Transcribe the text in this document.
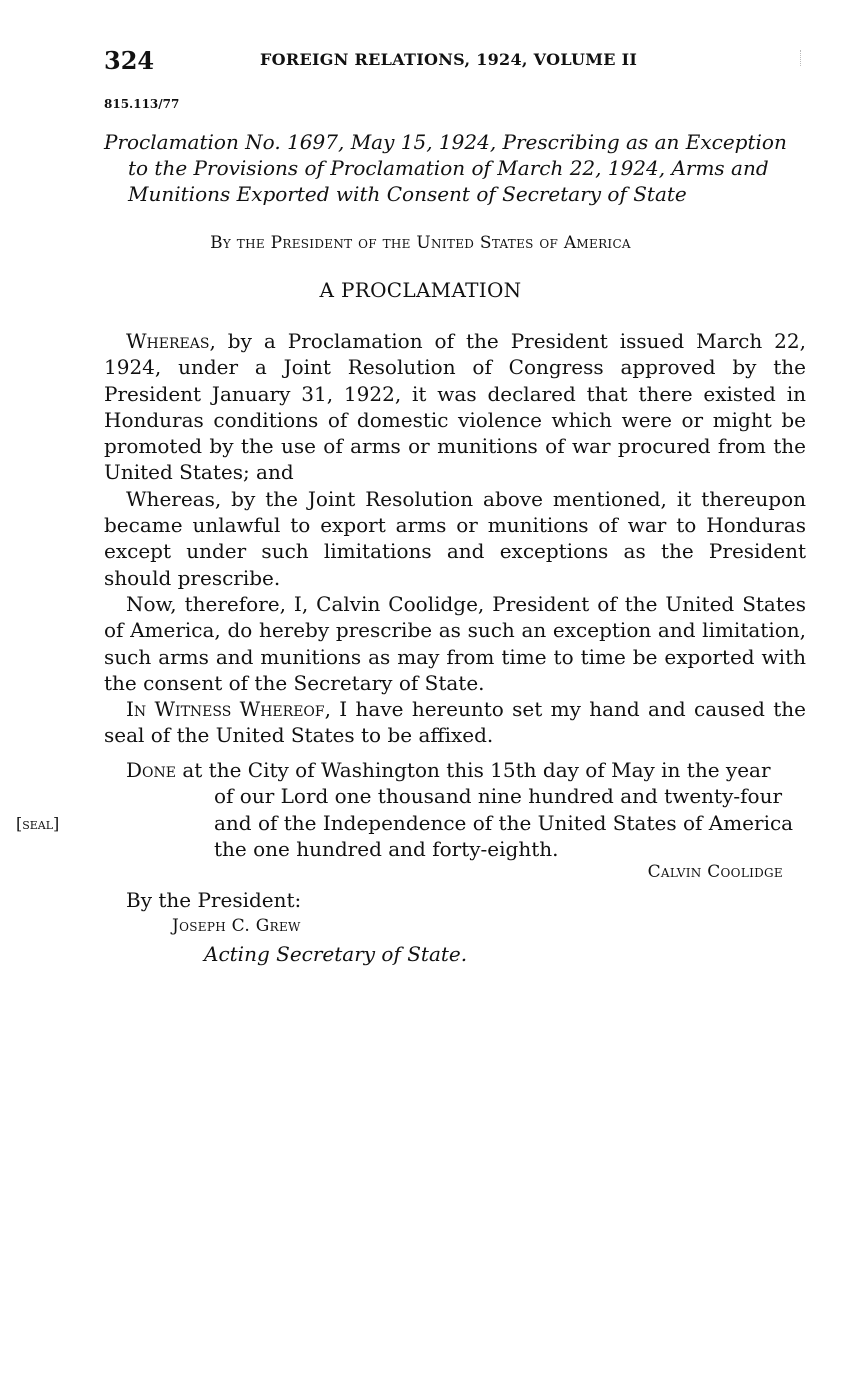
324	FOREIGN RELATIONS, 1924, VOLUME II
815.113/77
Proclamation No. 1697, May 15, 1924, Prescribing as an Exception
to the Provisions of Proclamation of March 22, 1924, Arms and
Munitions Exported with Consent of Secretary of State
By the President of the United States of America
A PROCLAMATION

Whereas, by a Proclamation of the President issued March 22, 1924, under a Joint Resolution of Congress approved by the President January 31, 1922, it was declared that there existed in Honduras conditions of domestic violence which were or might be promoted by the use of arms or munitions of war procured from the United States; and

Whereas, by the Joint Resolution above mentioned, it thereupon became unlawful to export arms or munitions of war to Honduras except under such limitations and exceptions as the President should prescribe.

Now, therefore, I, Calvin Coolidge, President of the United States of America, do hereby prescribe as such an exception and limitation, such arms and munitions as may from time to time be exported with the consent of the Secretary of State.

In Witness Whereof, I have hereunto set my hand and caused the seal of the United States to be affixed.

Done at the City of Washington this 15th day of May in the year
of our Lord one thousand nine hundred and twenty-four
[seal]	and of the Independence of the United States of America
the one hundred and forty-eighth.
Calvin Coolidge
By the President:
Joseph C. Grew
Acting Secretary of State.
